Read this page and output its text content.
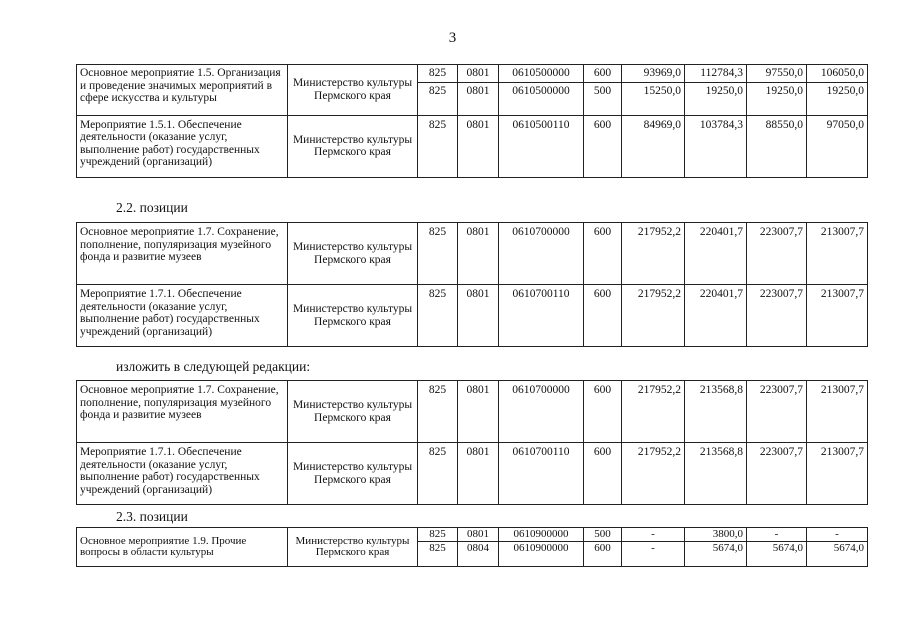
3
Основное мероприятие 1.5. Организация и проведение значимых мероприятий в сфере искусства и культуры	Министерство культуры Пермского края	825	0801	0610500000	600	93969,0	112784,3	97550,0	106050,0
		825	0801	0610500000	500	15250,0	19250,0	19250,0	19250,0
Мероприятие 1.5.1. Обеспечение деятельности (оказание услуг, выполнение работ) государственных учреждений (организаций)	Министерство культуры Пермского края	825	0801	0610500110	600	84969,0	103784,3	88550,0	97050,0
2.2. позиции
Основное мероприятие 1.7. Сохранение, пополнение, популяризация музейного фонда и развитие музеев	Министерство культуры Пермского края	825	0801	0610700000	600	217952,2	220401,7	223007,7	213007,7
Мероприятие 1.7.1. Обеспечение деятельности (оказание услуг, выполнение работ) государственных учреждений (организаций)	Министерство культуры Пермского края	825	0801	0610700110	600	217952,2	220401,7	223007,7	213007,7
изложить в следующей редакции:
Основное мероприятие 1.7. Сохранение, пополнение, популяризация музейного фонда и развитие музеев	Министерство культуры Пермского края	825	0801	0610700000	600	217952,2	213568,8	223007,7	213007,7
Мероприятие 1.7.1. Обеспечение деятельности (оказание услуг, выполнение работ) государственных учреждений (организаций)	Министерство культуры Пермского края	825	0801	0610700110	600	217952,2	213568,8	223007,7	213007,7
2.3. позиции
Основное мероприятие 1.9. Прочие вопросы в области культуры	Министерство культуры Пермского края	825	0801	0610900000	500	-	3800,0	-	-
		825	0804	0610900000	600	-	5674,0	5674,0	5674,0
